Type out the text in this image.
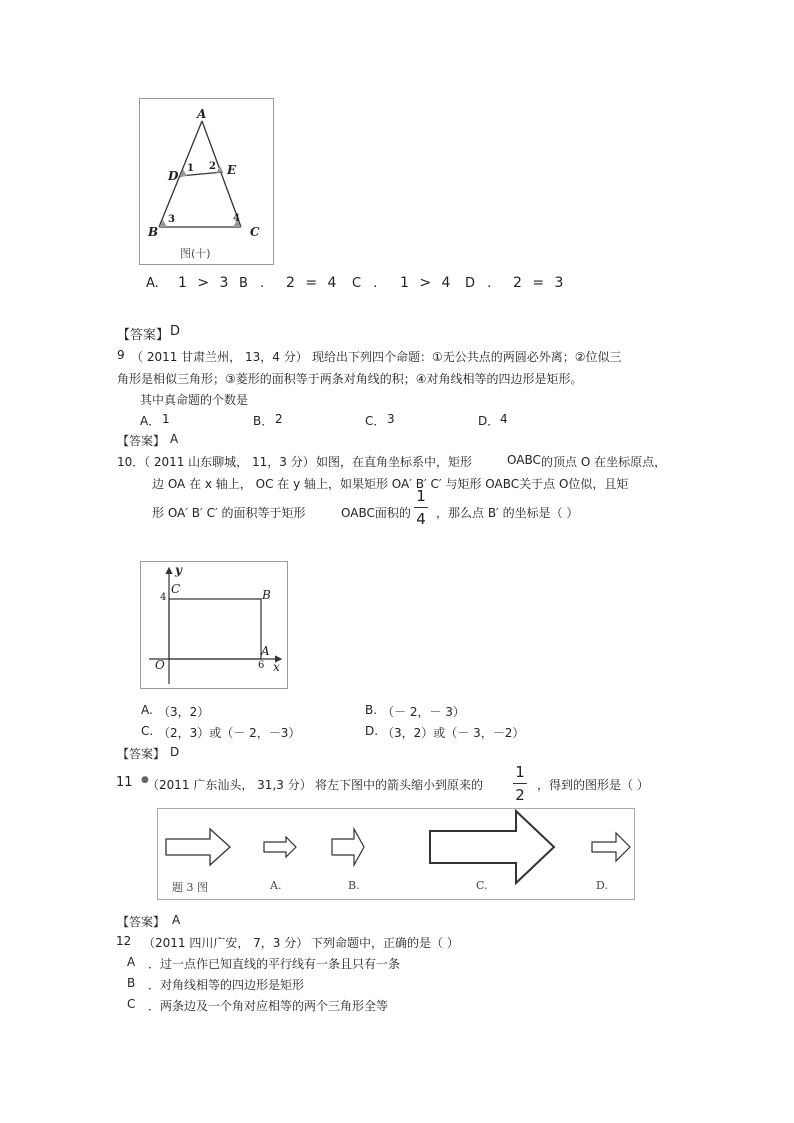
A
D	E
1 2
3	4
B	C
图(十)
A. 1 > 3 B . 2 = 4 C . 1 > 4 D . 2 = 3
【答案】 D
9 （ 2011 甘肃兰州， 13，4 分） 现给出下列四个命题：①无公共点的两圆必外离；②位似三
角形是相似三角形；③菱形的面积等于两条对角线的积；④对角线相等的四边形是矩形。
其中真命题的个数是
A． 1	B． 2	C． 3	D． 4
【答案】 A
10．
（ 2011 山东聊城， 11，3 分） 如图，在直角坐标系中，矩形	OABC 的顶点 O 在坐标原点，
边 OA 在 x 轴上， OC 在 y 轴上，如果矩形 OA′ B′ C′ 与矩形 OABC关于点 O位似，且矩
形 OA′ B′ C′ 的面积等于矩形	OABC面积的
1
4 ，那么点 B′ 的坐标是（ ）
y
x
C	B
A
O
4
6
A. （3，2）	B. （－ 2，－ 3）
C. （2，3）或（－ 2，－3）	D. （3，2）或（－ 3，－2）
【答案】 D
11 ●
（2011 广东汕头， 31,3 分） 将左下图中的箭头缩小到原来的
1
2
，得到的图形是（ ）
题 3 图	A.	B.	C.	D.
【答案】 A
12 （2011 四川广安， 7，3 分） 下列命题中，正确的是（ ）
A ．过一点作已知直线的平行线有一条且只有一条
B ．对角线相等的四边形是矩形
C ．两条边及一个角对应相等的两个三角形全等
